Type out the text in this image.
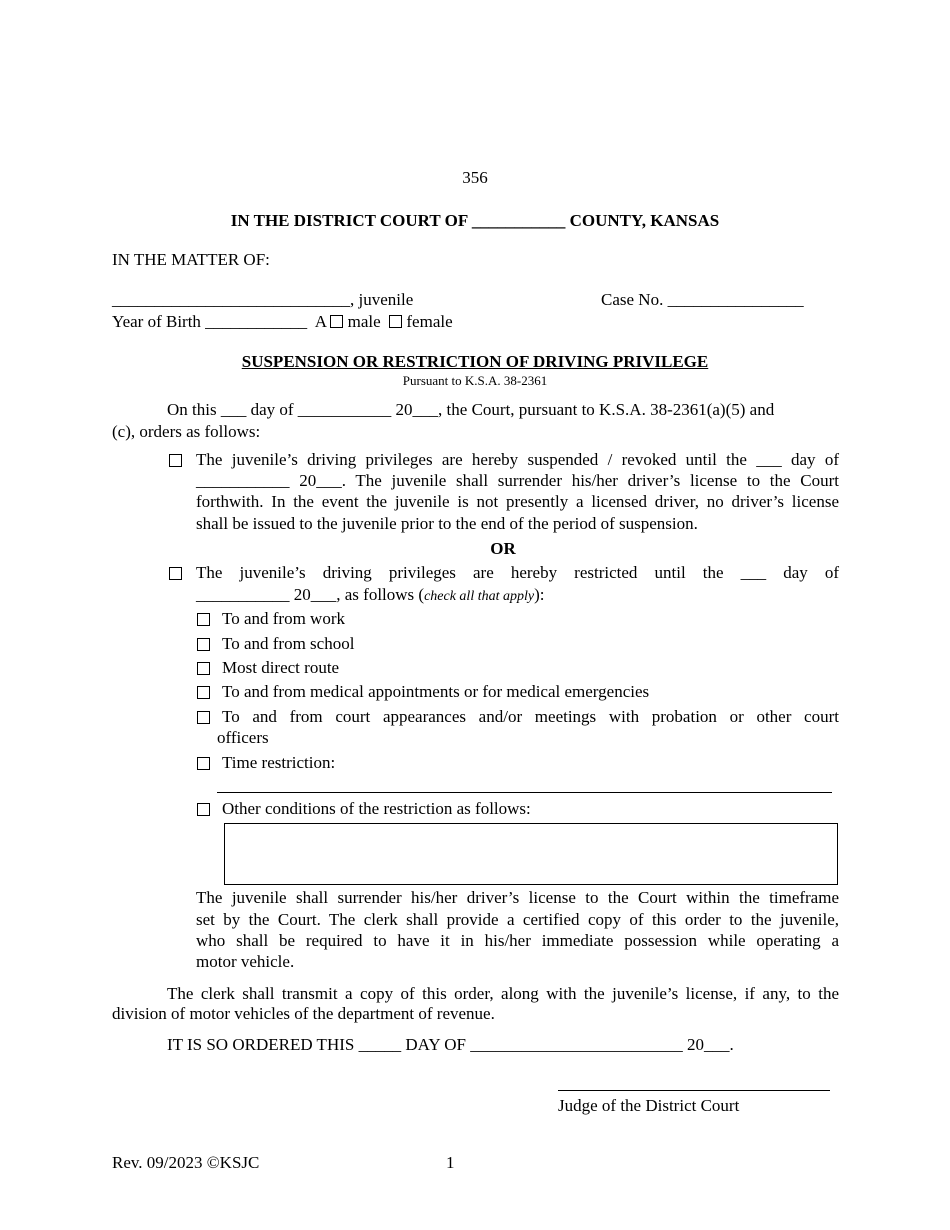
356
IN THE DISTRICT COURT OF ___________ COUNTY, KANSAS
IN THE MATTER OF:
____________________________, juvenile	Case No. ________________
Year of Birth ____________ A male female
SUSPENSION OR RESTRICTION OF DRIVING PRIVILEGE
Pursuant to K.S.A. 38-2361
On this ___ day of ___________ 20___, the Court, pursuant to K.S.A. 38-2361(a)(5) and
(c), orders as follows:
The juvenile’s driving privileges are hereby suspended / revoked until the ___ day of
___________ 20___. The juvenile shall surrender his/her driver’s license to the Court
forthwith. In the event the juvenile is not presently a licensed driver, no driver’s license
shall be issued to the juvenile prior to the end of the period of suspension.
OR
The juvenile’s driving privileges are hereby restricted until the ___ day of
___________ 20___, as follows (check all that apply):
To and from work
To and from school
Most direct route
To and from medical appointments or for medical emergencies
To and from court appearances and/or meetings with probation or other court
officers
Time restriction:
Other conditions of the restriction as follows:
The juvenile shall surrender his/her driver’s license to the Court within the timeframe
set by the Court. The clerk shall provide a certified copy of this order to the juvenile,
who shall be required to have it in his/her immediate possession while operating a
motor vehicle.
The clerk shall transmit a copy of this order, along with the juvenile’s license, if any, to the
division of motor vehicles of the department of revenue.
IT IS SO ORDERED THIS _____ DAY OF _________________________ 20___.
Judge of the District Court
Rev. 09/2023 ©KSJC	1
